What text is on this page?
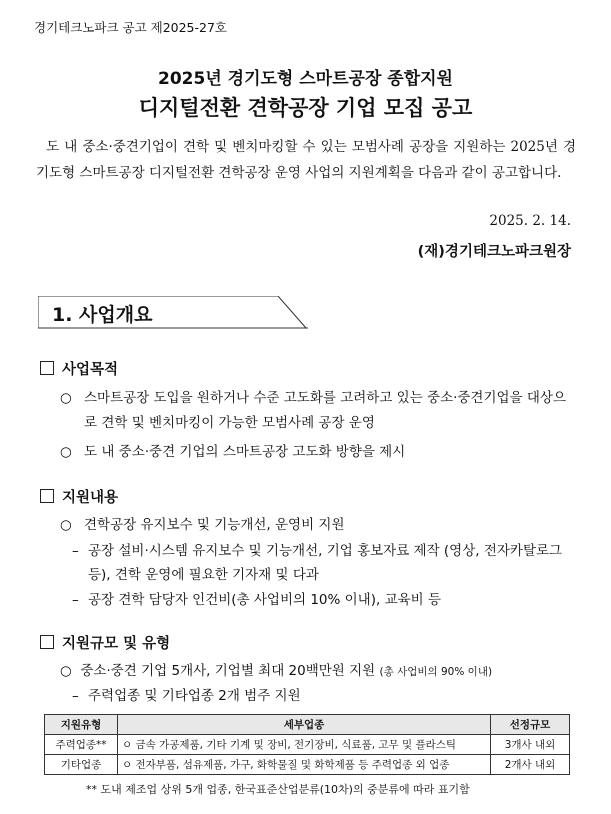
경기테크노파크 공고 제2025-27호
2025년 경기도형 스마트공장 종합지원
디지털전환 견학공장 기업 모집 공고
도 내 중소·중견기업이 견학 및 벤치마킹할 수 있는 모범사례 공장을 지원하는 2025년 경기도형 스마트공장 디지털전환 견학공장 운영 사업의 지원계획을 다음과 같이 공고합니다.
2025. 2. 14.
(재)경기테크노파크원장
1. 사업개요
사업목적
○ 스마트공장 도입을 원하거나 수준 고도화를 고려하고 있는 중소·중견기업을 대상으로 견학 및 벤치마킹이 가능한 모범사례 공장 운영
○ 도 내 중소·중견 기업의 스마트공장 고도화 방향을 제시
지원내용
○ 견학공장 유지보수 및 기능개선, 운영비 지원
– 공장 설비·시스템 유지보수 및 기능개선, 기업 홍보자료 제작 (영상, 전자카탈로그 등), 견학 운영에 필요한 기자재 및 다과
– 공장 견학 담당자 인건비(총 사업비의 10% 이내), 교육비 등
지원규모 및 유형
○ 중소·중견 기업 5개사, 기업별 최대 20백만원 지원 (총 사업비의 90% 이내)
– 주력업종 및 기타업종 2개 범주 지원
지원유형	세부업종	선정규모
주력업종**	ㅇ 금속 가공제품, 기타 기계 및 장비, 전기장비, 식료품, 고무 및 플라스틱	3개사 내외
기타업종	ㅇ 전자부품, 섬유제품, 가구, 화학물질 및 화학제품 등 주력업종 외 업종	2개사 내외
** 도내 제조업 상위 5개 업종, 한국표준산업분류(10차)의 중분류에 따라 표기함
